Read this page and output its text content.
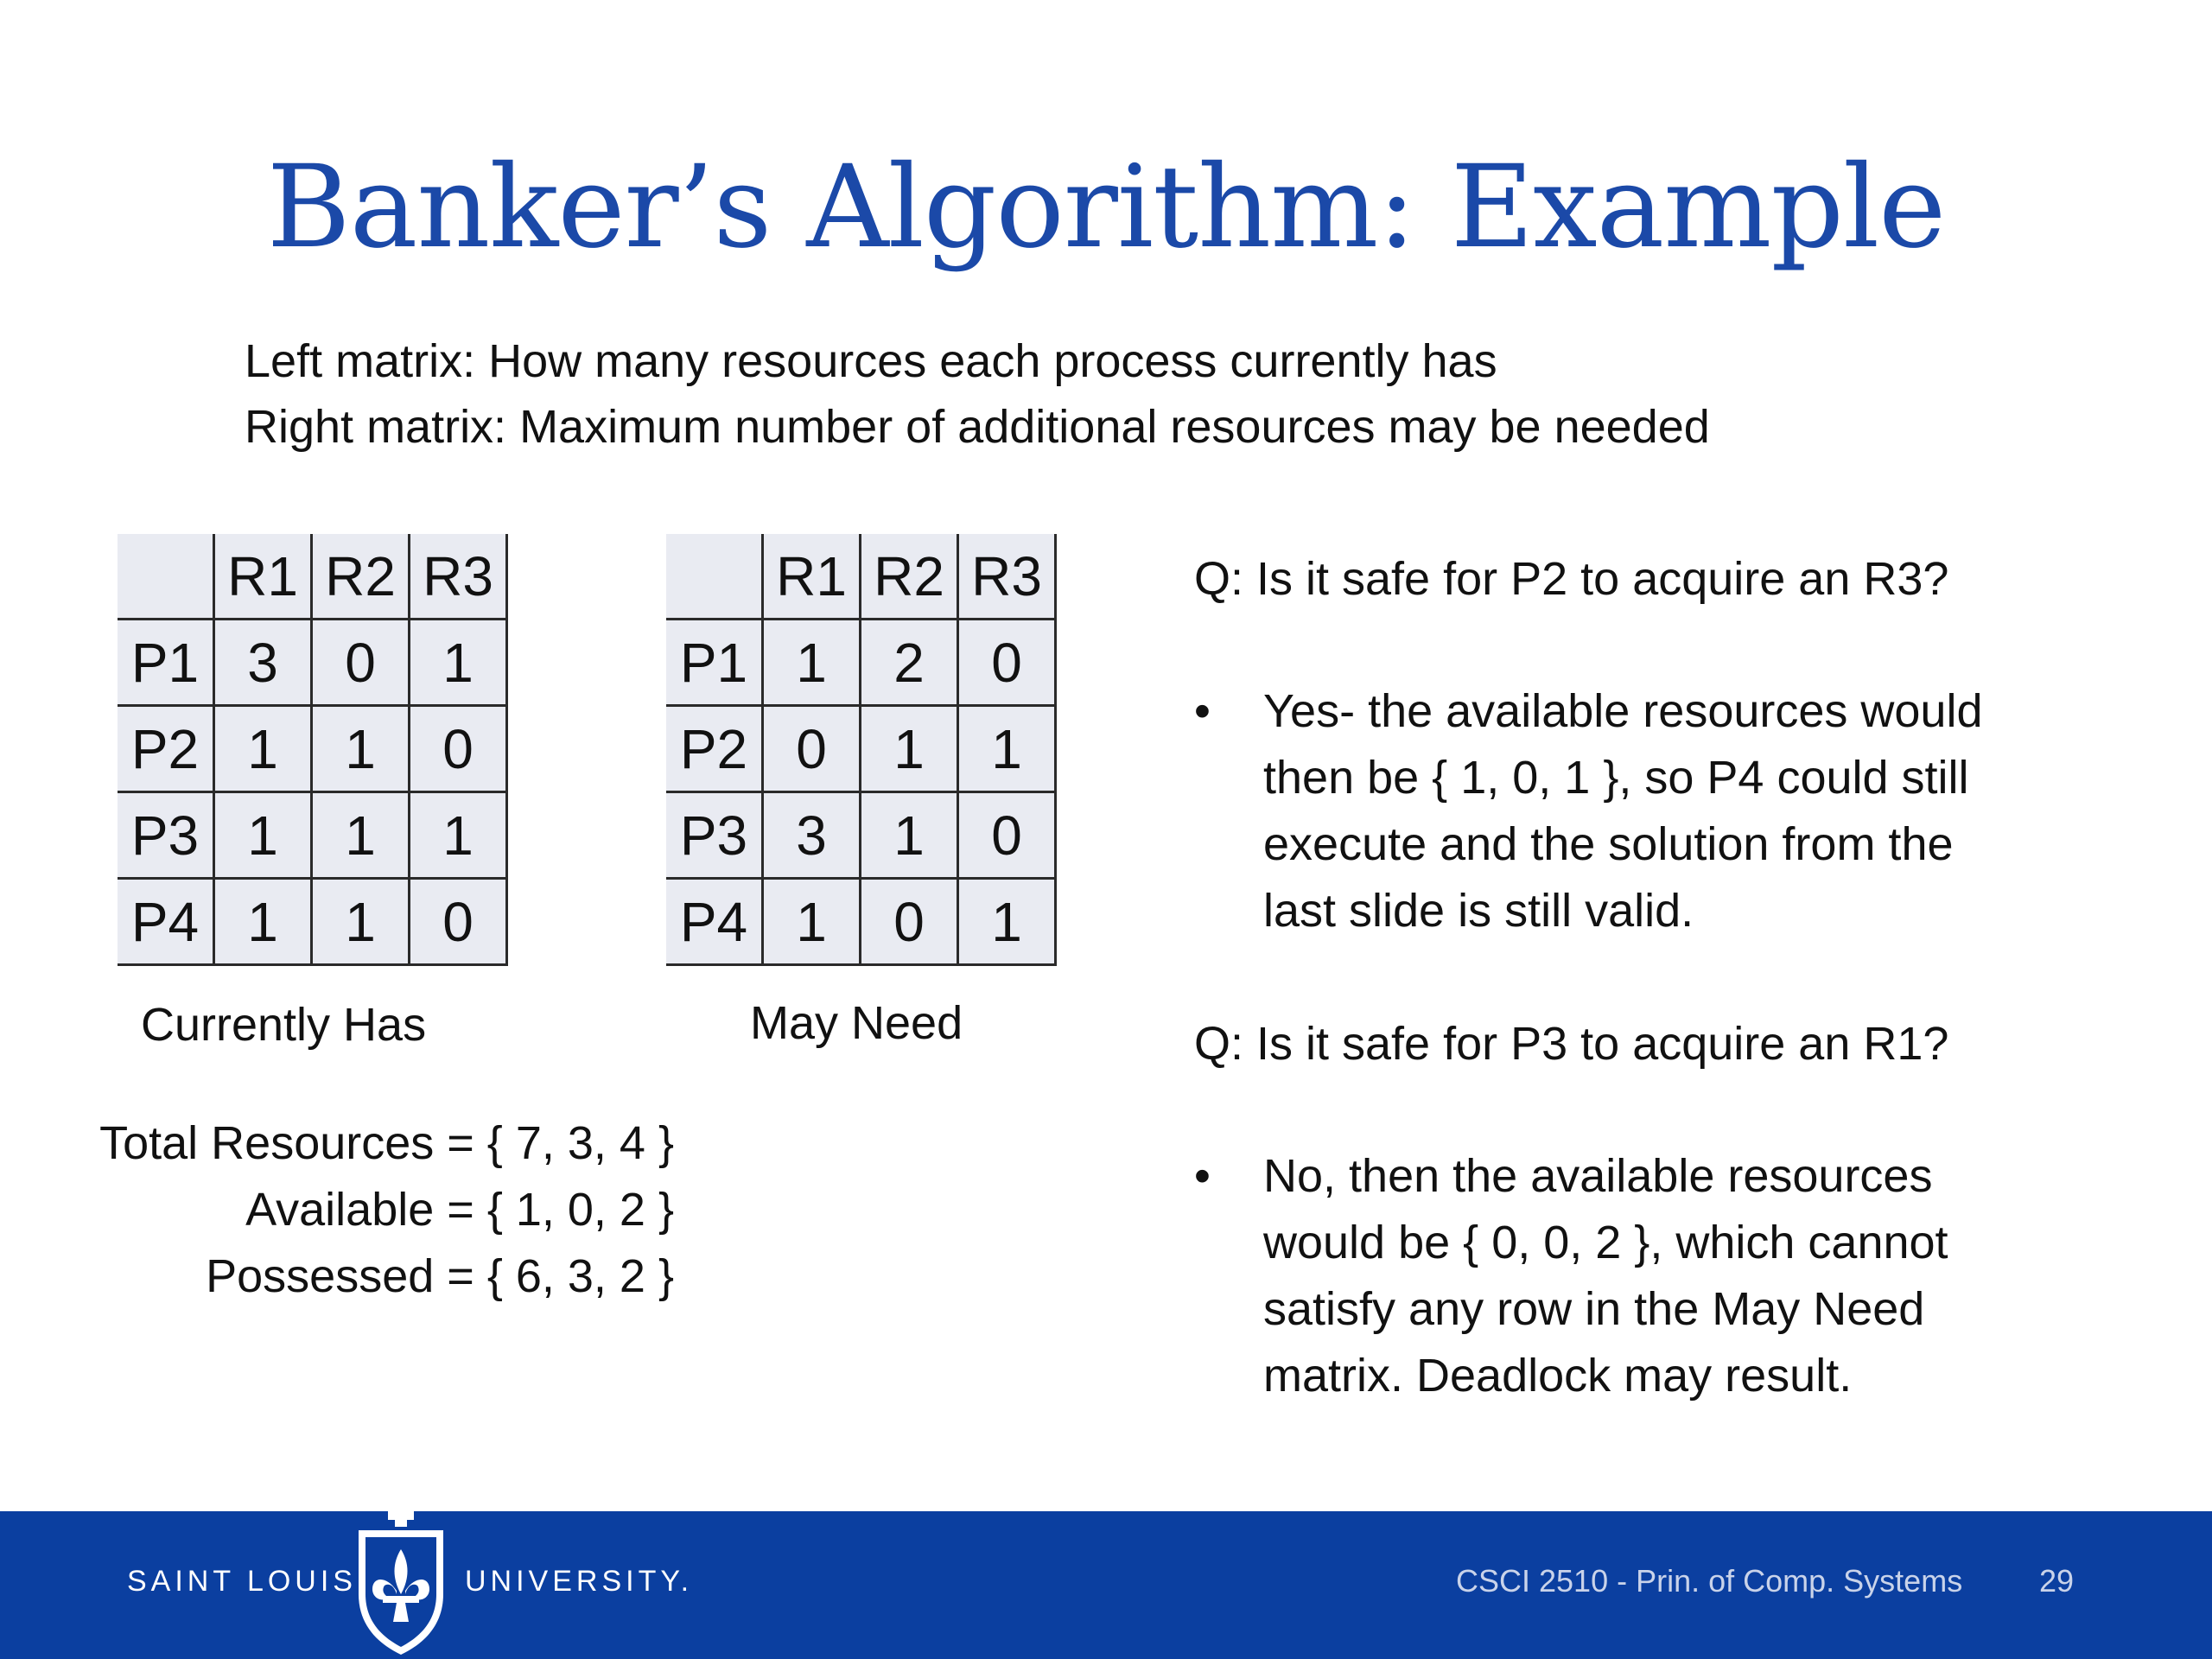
Banker’s Algorithm: Example
Left matrix: How many resources each process currently has
Right matrix: Maximum number of additional resources may be needed
	R1	R2	R3
P1	3	0	1
P2	1	1	0
P3	1	1	1
P4	1	1	0
Currently Has
	R1	R2	R3
P1	1	2	0
P2	0	1	1
P3	3	1	0
P4	1	0	1
May Need
Total Resources = { 7, 3, 4 }
Available = { 1, 0, 2 }
Possessed = { 6, 3, 2 }
Q: Is it safe for P2 to acquire an R3?
• Yes- the available resources would
then be { 1, 0, 1 }, so P4 could still
execute and the solution from the
last slide is still valid.
Q: Is it safe for P3 to acquire an R1?
• No, then the available resources
would be { 0, 0, 2 }, which cannot
satisfy any row in the May Need
matrix. Deadlock may result.
SAINT LOUIS	UNIVERSITY.	CSCI 2510 - Prin. of Comp. Systems 29
